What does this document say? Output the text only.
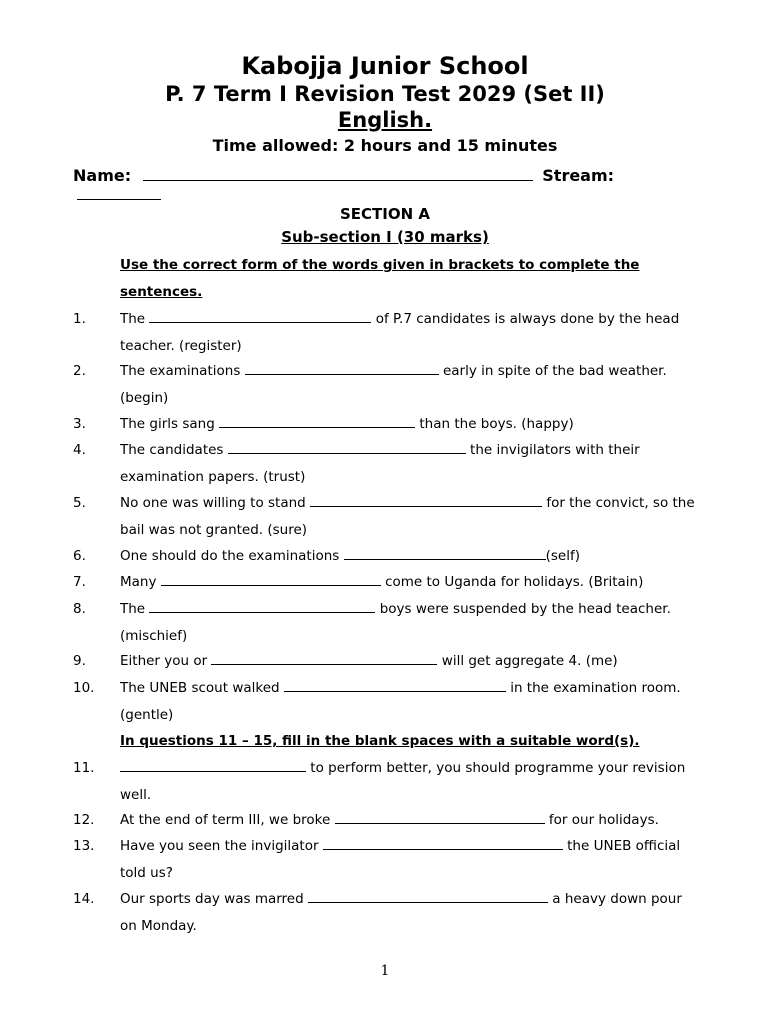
Kabojja Junior School
P. 7 Term I Revision Test 2029 (Set II)
English.
Time allowed: 2 hours and 15 minutes
Name:	Stream:
SECTION A
Sub-section I (30 marks)
Use the correct form of the words given in brackets to complete the sentences.
1.	The	of P.7 candidates is always done by the head teacher. (register)
2.	The examinations	early in spite of the bad weather. (begin)
3.	The girls sang	than the boys. (happy)
4.	The candidates	the invigilators with their examination papers. (trust)
5.	No one was willing to stand	for the convict, so the bail was not granted. (sure)
6.	One should do the examinations	(self)
7.	Many	come to Uganda for holidays. (Britain)
8.	The	boys were suspended by the head teacher. (mischief)
9.	Either you or	will get aggregate 4. (me)
10. The UNEB scout walked	in the examination room. (gentle)
In questions 11 – 15, fill in the blank spaces with a suitable word(s).
11.	to perform better, you should programme your revision well.
12. At the end of term III, we broke	for our holidays.
13. Have you seen the invigilator	the UNEB official told us?
14. Our sports day was marred	a heavy down pour on Monday.
1
